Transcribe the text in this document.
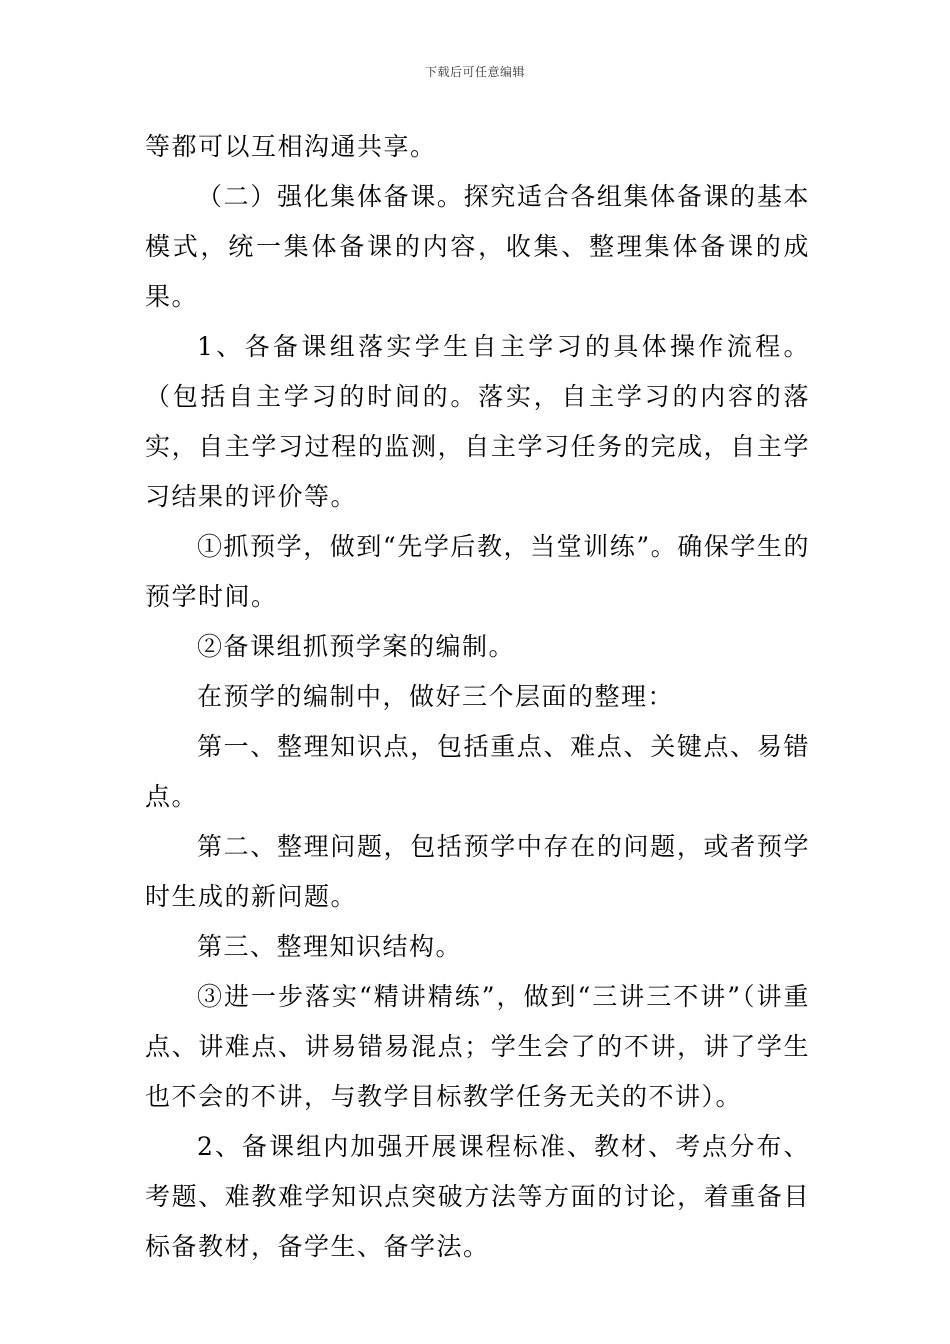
下载后可任意编辑

等都可以互相沟通共享。

（二）强化集体备课。探究适合各组集体备课的基本模式，统一集体备课的内容，收集、整理集体备课的成果。

1、各备课组落实学生自主学习的具体操作流程。（包括自主学习的时间的。落实，自主学习的内容的落实，自主学习过程的监测，自主学习任务的完成，自主学习结果的评价等。

①抓预学，做到“先学后教，当堂训练”。确保学生的预学时间。

②备课组抓预学案的编制。

在预学的编制中，做好三个层面的整理：

第一、整理知识点，包括重点、难点、关键点、易错点。

第二、整理问题，包括预学中存在的问题，或者预学时生成的新问题。

第三、整理知识结构。

③进一步落实“精讲精练”，做到“三讲三不讲”（讲重点、讲难点、讲易错易混点；学生会了的不讲，讲了学生也不会的不讲，与教学目标教学任务无关的不讲）。

2、备课组内加强开展课程标准、教材、考点分布、考题、难教难学知识点突破方法等方面的讨论，着重备目标备教材，备学生、备学法。
